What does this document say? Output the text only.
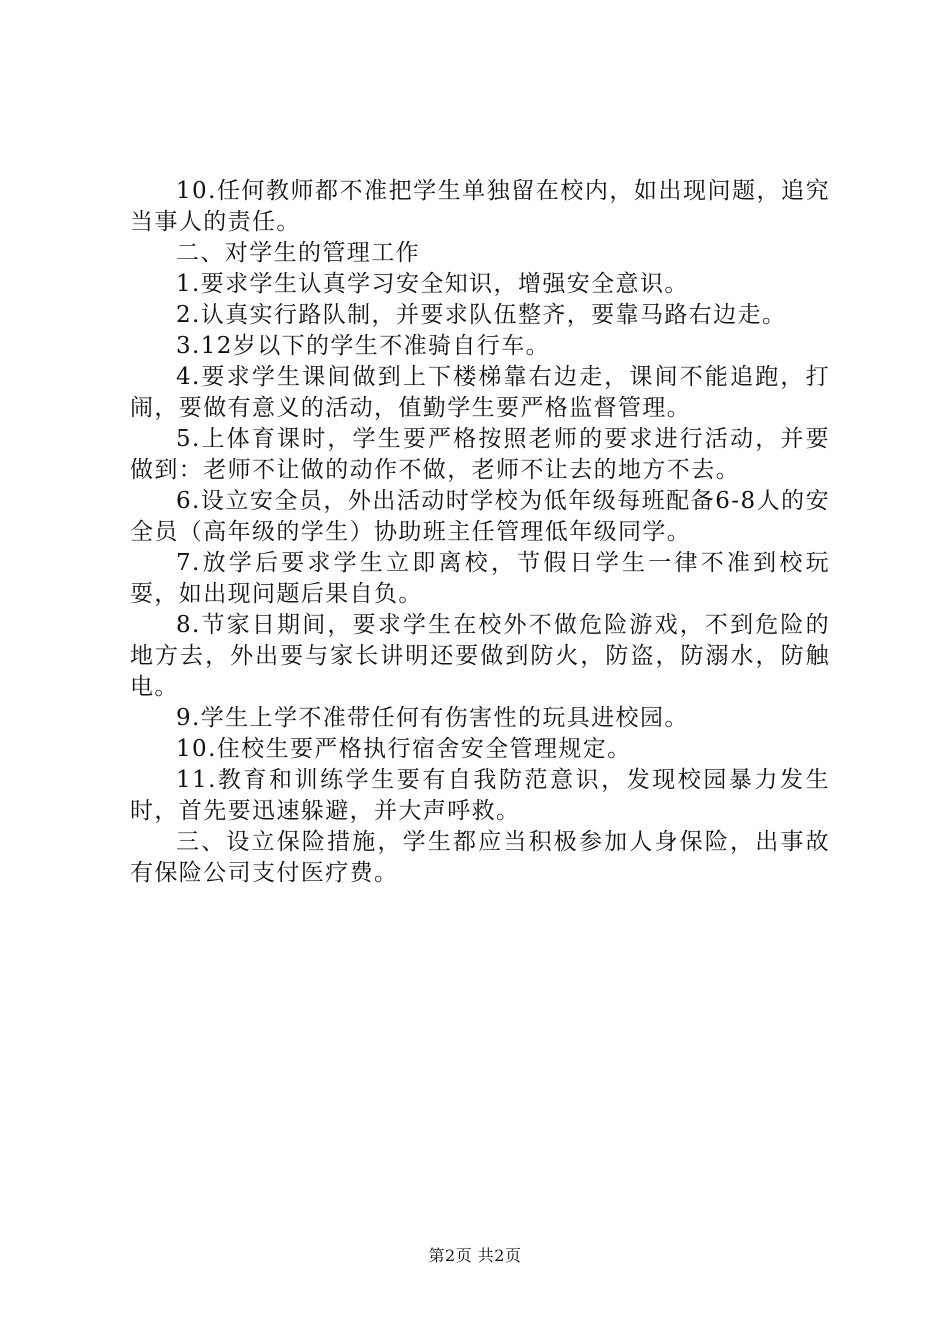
10.任何教师都不准把学生单独留在校内，如出现问题，追究当事人的责任。

二、对学生的管理工作

1.要求学生认真学习安全知识，增强安全意识。

2.认真实行路队制，并要求队伍整齐，要靠马路右边走。

3.12岁以下的学生不准骑自行车。

4.要求学生课间做到上下楼梯靠右边走，课间不能追跑，打闹，要做有意义的活动，值勤学生要严格监督管理。

5.上体育课时，学生要严格按照老师的要求进行活动，并要做到：老师不让做的动作不做，老师不让去的地方不去。

6.设立安全员，外出活动时学校为低年级每班配备6-8人的安全员（高年级的学生）协助班主任管理低年级同学。

7.放学后要求学生立即离校，节假日学生一律不准到校玩耍，如出现问题后果自负。

8.节家日期间，要求学生在校外不做危险游戏，不到危险的地方去，外出要与家长讲明还要做到防火，防盗，防溺水，防触电。

9.学生上学不准带任何有伤害性的玩具进校园。

10.住校生要严格执行宿舍安全管理规定。

11.教育和训练学生要有自我防范意识，发现校园暴力发生时，首先要迅速躲避，并大声呼救。

三、设立保险措施，学生都应当积极参加人身保险，出事故有保险公司支付医疗费。

第2页 共2页
